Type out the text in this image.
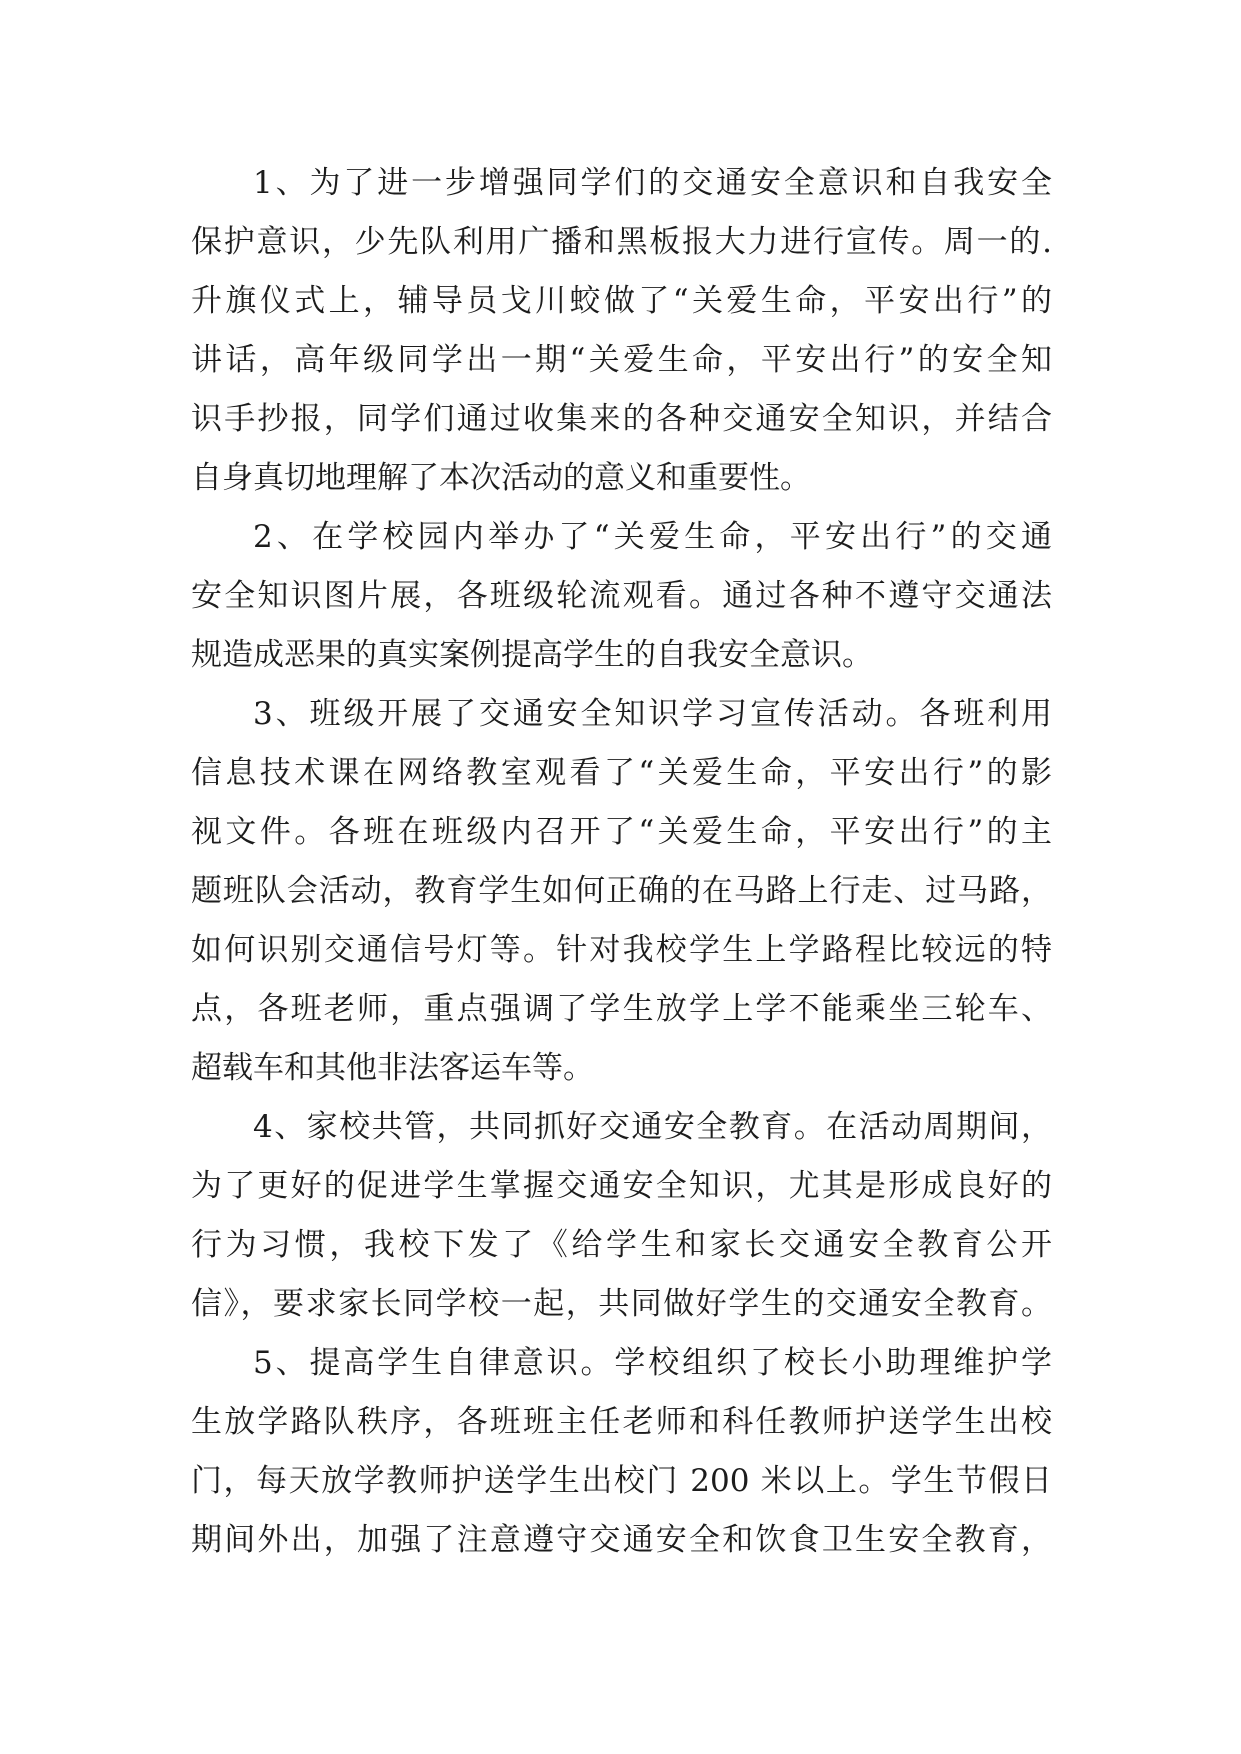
1、为了进一步增强同学们的交通安全意识和自我安全
保护意识，少先队利用广播和黑板报大力进行宣传。周一的.
升旗仪式上，辅导员戈川蛟做了“关爱生命，平安出行”的
讲话，高年级同学出一期“关爱生命，平安出行”的安全知
识手抄报，同学们通过收集来的各种交通安全知识，并结合
自身真切地理解了本次活动的意义和重要性。
2、在学校园内举办了“关爱生命，平安出行”的交通
安全知识图片展，各班级轮流观看。通过各种不遵守交通法
规造成恶果的真实案例提高学生的自我安全意识。
3、班级开展了交通安全知识学习宣传活动。各班利用
信息技术课在网络教室观看了“关爱生命，平安出行”的影
视文件。各班在班级内召开了“关爱生命，平安出行”的主
题班队会活动，教育学生如何正确的在马路上行走、过马路，
如何识别交通信号灯等。针对我校学生上学路程比较远的特
点，各班老师，重点强调了学生放学上学不能乘坐三轮车、
超载车和其他非法客运车等。
4、家校共管，共同抓好交通安全教育。在活动周期间，
为了更好的促进学生掌握交通安全知识，尤其是形成良好的
行为习惯，我校下发了《给学生和家长交通安全教育公开
信》，要求家长同学校一起，共同做好学生的交通安全教育。
5、提高学生自律意识。学校组织了校长小助理维护学
生放学路队秩序，各班班主任老师和科任教师护送学生出校
门，每天放学教师护送学生出校门 200 米以上。学生节假日
期间外出，加强了注意遵守交通安全和饮食卫生安全教育，
